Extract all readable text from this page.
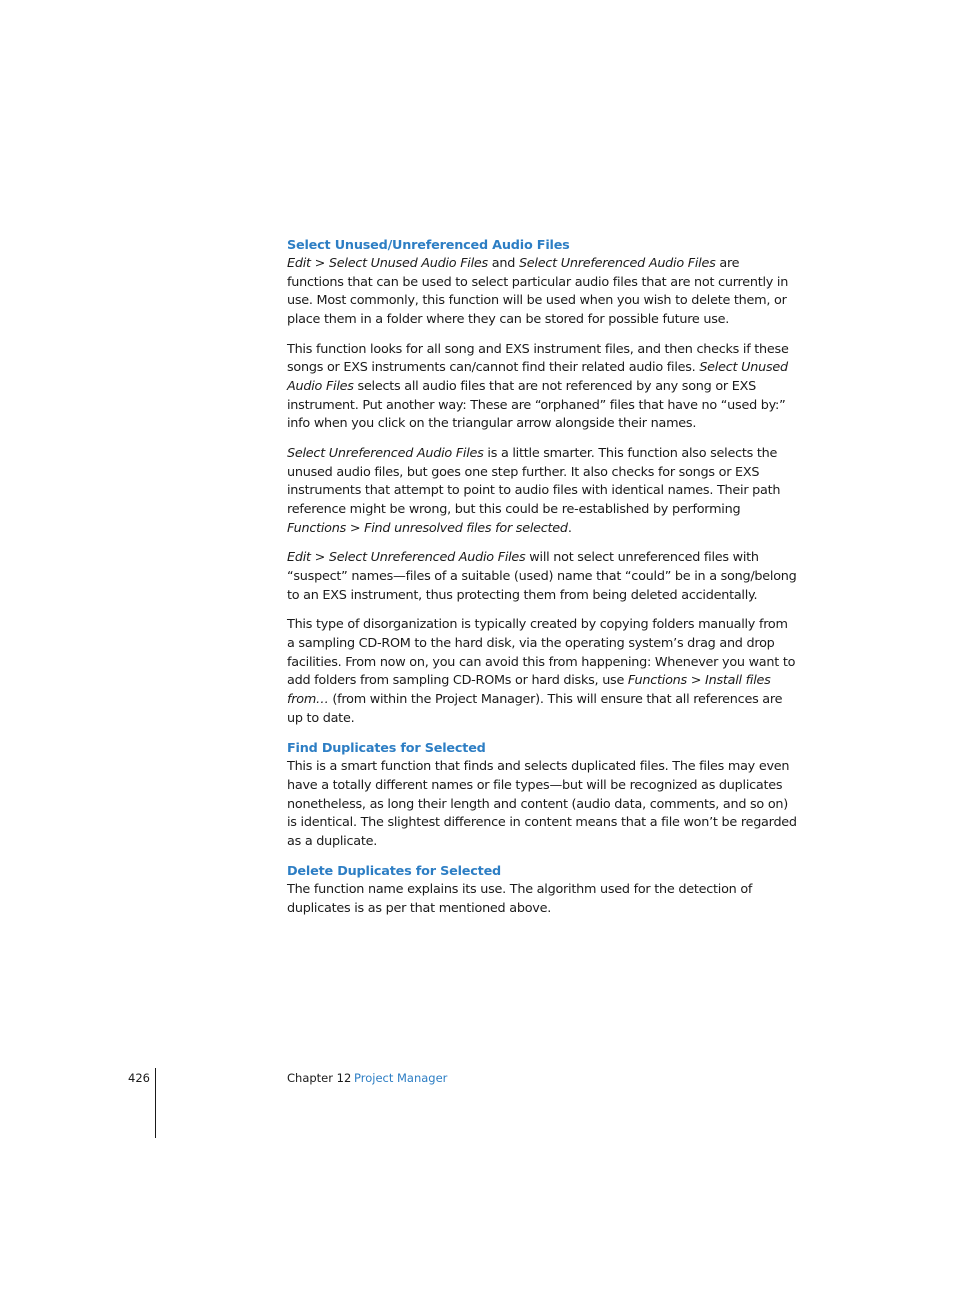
Select Unused/Unreferenced Audio Files

Edit > Select Unused Audio Files and Select Unreferenced Audio Files are functions that can be used to select particular audio files that are not currently in use. Most commonly, this function will be used when you wish to delete them, or place them in a folder where they can be stored for possible future use.

This function looks for all song and EXS instrument files, and then checks if these songs or EXS instruments can/cannot find their related audio files. Select Unused Audio Files selects all audio files that are not referenced by any song or EXS instrument. Put another way: These are “orphaned” files that have no “used by:” info when you click on the triangular arrow alongside their names.

Select Unreferenced Audio Files is a little smarter. This function also selects the unused audio files, but goes one step further. It also checks for songs or EXS instruments that attempt to point to audio files with identical names. Their path reference might be wrong, but this could be re-established by performing Functions > Find unresolved files for selected.

Edit > Select Unreferenced Audio Files will not select unreferenced files with “suspect” names—files of a suitable (used) name that “could” be in a song/belong to an EXS instrument, thus protecting them from being deleted accidentally.

This type of disorganization is typically created by copying folders manually from a sampling CD-ROM to the hard disk, via the operating system’s drag and drop facilities. From now on, you can avoid this from happening: Whenever you want to add folders from sampling CD-ROMs or hard disks, use Functions > Install files from… (from within the Project Manager). This will ensure that all references are up to date.

Find Duplicates for Selected

This is a smart function that finds and selects duplicated files. The files may even have a totally different names or file types—but will be recognized as duplicates nonetheless, as long their length and content (audio data, comments, and so on) is identical. The slightest difference in content means that a file won’t be regarded as a duplicate.

Delete Duplicates for Selected

The function name explains its use. The algorithm used for the detection of duplicates is as per that mentioned above.

426	Chapter 12 Project Manager
